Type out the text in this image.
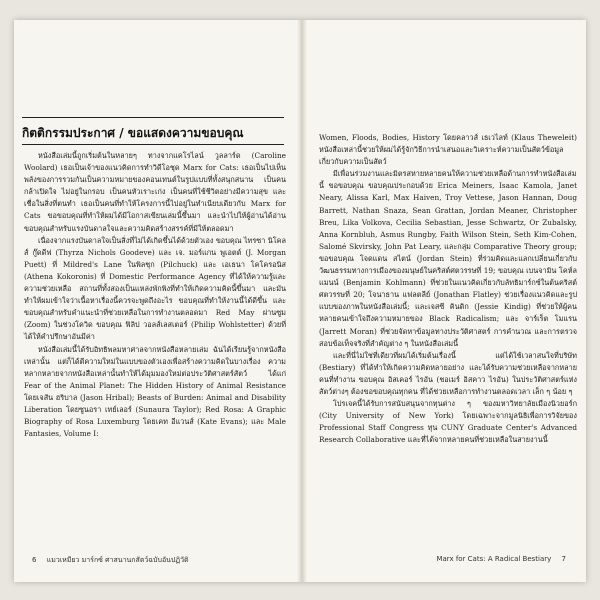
กิตติกรรมประกาศ / ขอแสดงความขอบคุณ

หนังสือเล่มนี้ถูกเริ่มต้นในหลายๆ ทางจากแคโรไลน์ วูลลาร์ด (Caroline Woolard) เธอเป็นเจ้าของแนวคิดการทำวิดีโอชุด Marx for Cats: เธอเป็นไปเห็นพลังของการรวมกันเป็นความหมายของคอนเทนต์ในรูปแบบที่ทั้งสนุกสนาน เป็นคนกล้าเปิดใจ ไม่อยู่ในกรอบ เป็นคนหัวเราะเก่ง เป็นคนที่ใช้ชีวิตอย่างมีความสุข และเชื่อในสิ่งที่ตนทำ เธอเป็นคนที่ทำให้โครงการนี้ไปอยู่ในทำเนียบเดียวกับ Marx for Cats ขอขอบคุณที่ทำให้ผมได้มีโอกาสเขียนเล่มนี้ขึ้นมา และนำไปให้ผู้อ่านได้อ่าน ขอบคุณสำหรับแรงบันดาลใจและความคิดสร้างสรรค์ที่มีให้ตลอดมา

เนื่องจากแรงบันดาลใจเป็นสิ่งที่ไม่ได้เกิดขึ้นได้ด้วยตัวเอง ขอบคุณ ไทรซา นิโคลส์ กู๊ดดีฟ (Thyrza Nichols Goodeve) และ เจ. มอร์แกน พูเอตต์ (J. Morgan Puett) ที่ Mildred's Lane ในพิลชุก (Pilchuck) และ เอเธนา โคโครอนิส (Athena Kokoronis) ที่ Domestic Performance Agency ที่ได้ให้ความรู้และความช่วยเหลือ สถานที่ทั้งสองเป็นแหล่งพักพิงที่ทำให้เกิดความคิดนี้ขึ้นมา และมันทำให้ผมเข้าใจว่าเนื้อหาเรื่องนี้ควรจะพูดถึงอะไร ขอบคุณที่ทำให้งานนี้ได้ดีขึ้น และขอบคุณสำหรับคำแนะนำที่ช่วยเหลือในการทำงานตลอดมา Red May ผ่านซูม (Zoom) ในช่วงโควิด ขอบคุณ ฟิลิป วอลส์เลสเตอร์ (Philip Wohlstetter) ด้วยที่ได้ให้คำปรึกษาอันมีค่า

หนังสือเล่มนี้ได้รับอิทธิพลมหาศาลจากหนังสือหลายเล่ม ฉันได้เรียนรู้จากหนังสือเหล่านั้น แต่ก็ได้ตีความใหม่ในแบบของตัวเองเพื่อสร้างความคิดในบางเรื่อง ความหลากหลายจากหนังสือเหล่านั้นทำให้ได้มุมมองใหม่ต่อประวัติศาสตร์สัตว์ ได้แก่ Fear of the Animal Planet: The Hidden History of Animal Resistance โดยเจสัน ฮริบาล (Jason Hribal); Beasts of Burden: Animal and Disability Liberation โดยซูนอรา เทย์เลอร์ (Sunaura Taylor); Red Rosa: A Graphic Biography of Rosa Luxemburg โดยเคท อีแวนส์ (Kate Evans); และ Male Fantasies, Volume I:

6 แมวเหมียว มาร์กซ์ ศาสนานกสัตว์ฉบับอันปฏิวัติ

Women, Floods, Bodies, History โดยคลาวส์ เธเวไลท์ (Klaus Theweleit) หนังสือเหล่านี้ช่วยให้ผมได้รู้จักวิธีการนำเสนอและวิเคราะห์ความเป็นสัตว์ข้อมูลเกี่ยวกับความเป็นสัตว์

มีเพื่อนร่วมงานและมิตรสหายหลายคนให้ความช่วยเหลือด้านการทำหนังสือเล่มนี้ ขอขอบคุณ ขอบคุณประกอบด้วย Erica Meiners, Isaac Kamola, Janet Neary, Alissa Karl, Max Haiven, Troy Vettese, Jason Hannan, Doug Barrett, Nathan Snaza, Sean Grattan, Jordan Meaner, Christopher Breu, Lika Volkova, Cecilia Sebastian, Jesse Schwartz, Or Zubalsky, Anna Kornbluh, Asmus Rungby, Faith Wilson Stein, Seth Kim-Cohen, Salomé Skvirsky, John Pat Leary, และกลุ่ม Comparative Theory group; ขอขอบคุณ โจดแดน สไตน์ (Jordan Stein) ที่ร่วมคิดและแลกเปลี่ยนเกี่ยวกับวัฒนธรรมทางการเมืองของมนุษย์ในคริสต์ศตวรรษที่ 19; ขอบคุณ เบนจามิน โคห์ลแมนน์ (Benjamin Kohlmann) ที่ช่วยในแนวคิดเกี่ยวกับลัทธิมาร์กซ์ในต้นคริสต์ศตวรรษที่ 20; โจนาธาน แฟลตลีย์ (Jonathan Flatley) ช่วยเรื่องแนวคิดและรูปแบบของภาพในหนังสือเล่มนี้; และเจสซี คินดิก (Jessie Kindig) ที่ช่วยให้ผู้คนหลายคนเข้าใจถึงความหมายของ Black Radicalism; และ จาร์เร็ต โมแรน (Jarrett Moran) ที่ช่วยจัดหาข้อมูลทางประวัติศาสตร์ การคำนวณ และการตรวจสอบข้อเท็จจริงที่สำคัญต่าง ๆ ในหนังสือเล่มนี้

และที่นี่ไม่ใช่ที่เดียวที่ผมได้เริ่มต้นเรื่องนี้ แต่ได้ใช้เวลาสนใจที่บริษัท (Bestiary) ที่ได้ทำให้เกิดความคิดหลายอย่าง และได้รับความช่วยเหลือจากหลายคนที่ทำงาน ขอบคุณ อิสเคอร์ ไรอัน (ชอเมร์ อิสคาว ไรอัน) ในประวัติศาสตร์แห่งสัตว์ต่างๆ ต้องขอขอบคุณทุกคน ที่ได้ช่วยเหลือการทำงานตลอดเวลา เล็ก ๆ น้อย ๆ

โปรเจคนี้ได้รับการสนับสนุนจากทุนต่าง ๆ ของมหาวิทยาลัยเมืองนิวยอร์ก (City University of New York) โดยเฉพาะจากมูลนิธิเพื่อการวิจัยของ Professional Staff Congress ทุน CUNY Graduate Center's Advanced Research Collaborative และที่ได้จากหลายคนที่ช่วยเหลือในสายงานนี้

Marx for Cats: A Radical Bestiary 7
